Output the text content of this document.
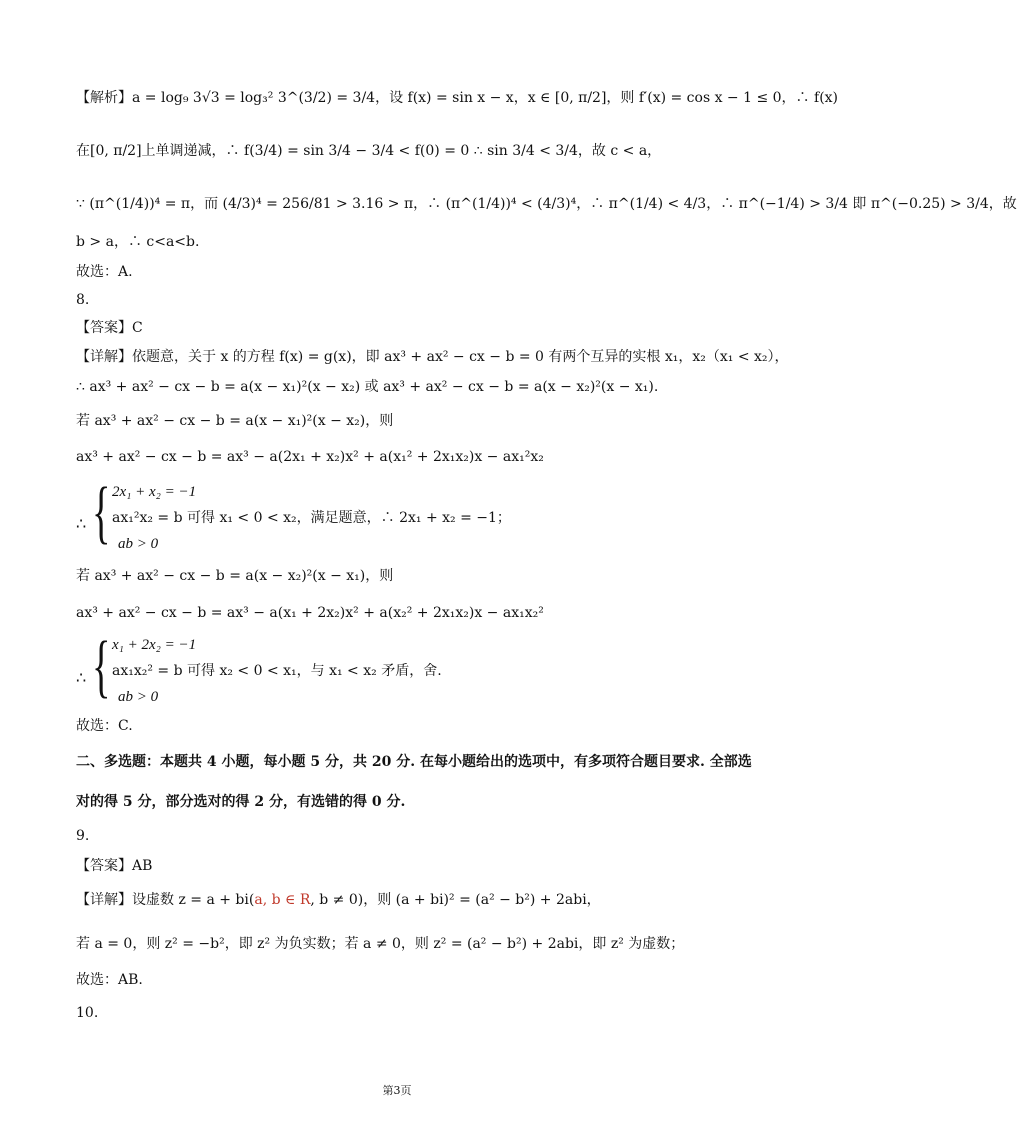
【解析】a = log₉ 3√3 = log₃² 3^(3/2) = 3/4，设 f(x) = sin x − x，x ∈ [0, π/2]，则 f′(x) = cos x − 1 ≤ 0，∴ f(x)
在[0, π/2]上单调递减，∴ f(3/4) = sin 3/4 − 3/4 < f(0) = 0 ∴ sin 3/4 < 3/4，故 c < a，
∵ (π^(1/4))⁴ = π，而 (4/3)⁴ = 256/81 > 3.16 > π，∴ (π^(1/4))⁴ < (4/3)⁴，∴ π^(1/4) < 4/3，∴ π^(−1/4) > 3/4 即 π^(−0.25) > 3/4，故
b > a，∴ c<a<b.
故选：A.
8.
【答案】C
【详解】依题意，关于 x 的方程 f(x) = g(x)，即 ax³ + ax² − cx − b = 0 有两个互异的实根 x₁，x₂（x₁ < x₂），
∴ ax³ + ax² − cx − b = a(x − x₁)²(x − x₂) 或 ax³ + ax² − cx − b = a(x − x₂)²(x − x₁).
若 ax³ + ax² − cx − b = a(x − x₁)²(x − x₂)，则
ax³ + ax² − cx − b = ax³ − a(2x₁ + x₂)x² + a(x₁² + 2x₁x₂)x − ax₁²x₂
∴ { 2x₁ + x₂ = −1
ax₁²x₂ = b 可得 x₁ < 0 < x₂，满足题意，∴ 2x₁ + x₂ = −1；
ab > 0
若 ax³ + ax² − cx − b = a(x − x₂)²(x − x₁)，则
ax³ + ax² − cx − b = ax³ − a(x₁ + 2x₂)x² + a(x₂² + 2x₁x₂)x − ax₁x₂²
∴ { x₁ + 2x₂ = −1
ax₁x₂² = b 可得 x₂ < 0 < x₁，与 x₁ < x₂ 矛盾，舍.
ab > 0
故选：C.
二、多选题：本题共 4 小题，每小题 5 分，共 20 分. 在每小题给出的选项中，有多项符合题目要求. 全部选
对的得 5 分，部分选对的得 2 分，有选错的得 0 分.
9.
【答案】AB
【详解】设虚数 z = a + bi(a, b ∈ R, b ≠ 0)，则 (a + bi)² = (a² − b²) + 2abi，
若 a = 0，则 z² = −b²，即 z² 为负实数；若 a ≠ 0，则 z² = (a² − b²) + 2abi，即 z² 为虚数；
故选：AB.
10.
第3页
